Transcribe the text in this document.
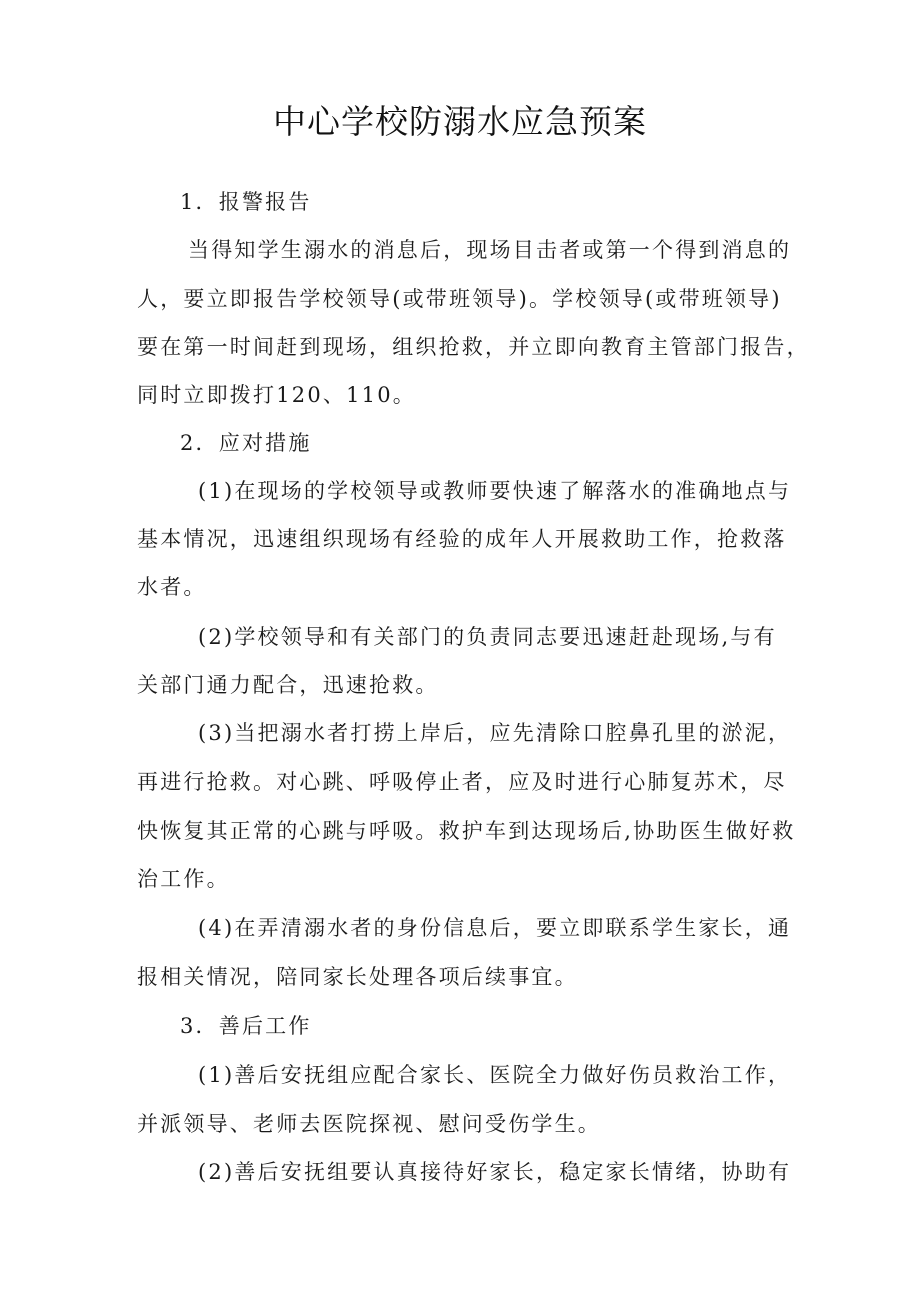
中心学校防溺水应急预案
1．报警报告
当得知学生溺水的消息后，现场目击者或第一个得到消息的
人，要立即报告学校领导(或带班领导)。学校领导(或带班领导)
要在第一时间赶到现场，组织抢救，并立即向教育主管部门报告，
同时立即拨打120、110。
2．应对措施
(1)在现场的学校领导或教师要快速了解落水的准确地点与
基本情况，迅速组织现场有经验的成年人开展救助工作，抢救落
水者。
(2)学校领导和有关部门的负责同志要迅速赶赴现场,与有
关部门通力配合，迅速抢救。
(3)当把溺水者打捞上岸后，应先清除口腔鼻孔里的淤泥，
再进行抢救。对心跳、呼吸停止者，应及时进行心肺复苏术，尽
快恢复其正常的心跳与呼吸。救护车到达现场后,协助医生做好救
治工作。
(4)在弄清溺水者的身份信息后，要立即联系学生家长，通
报相关情况，陪同家长处理各项后续事宜。
3．善后工作
(1)善后安抚组应配合家长、医院全力做好伤员救治工作，
并派领导、老师去医院探视、慰问受伤学生。
(2)善后安抚组要认真接待好家长，稳定家长情绪，协助有
